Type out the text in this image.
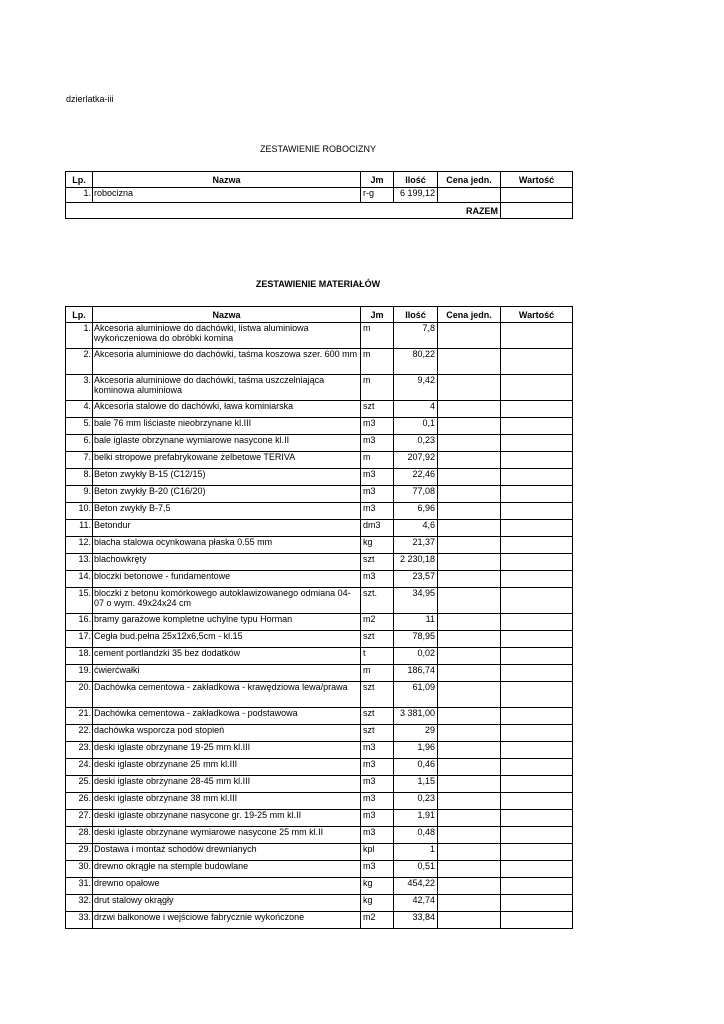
dzierlatka-iii
ZESTAWIENIE ROBOCIZNY
Lp.	Nazwa	Jm	Ilość	Cena jedn.	Wartość
1.	robocizna	r-g	6 199,12		
RAZEM					
ZESTAWIENIE MATERIAŁÓW
Lp.	Nazwa	Jm	Ilość	Cena jedn.	Wartość
1.	Akcesoria aluminiowe do dachówki, listwa aluminiowa wykończeniowa do obróbki komina	m	7,8		
2.	Akcesoria aluminiowe do dachówki, taśma koszowa szer. 600 mm	m	80,22		
3.	Akcesoria aluminiowe do dachówki, taśma uszczelniająca kominowa aluminiowa	m	9,42		
4.	Akcesoria stalowe do dachówki, ława kominiarska	szt	4		
5.	bale 76 mm liściaste nieobrzynane kl.III	m3	0,1		
6.	bale iglaste obrzynane wymiarowe nasycone kl.II	m3	0,23		
7.	belki stropowe prefabrykowane żelbetowe TERIVA	m	207,92		
8.	Beton zwykły B-15 (C12/15)	m3	22,46		
9.	Beton zwykły B-20 (C16/20)	m3	77,08		
10.	Beton zwykły B-7,5	m3	6,96		
11.	Betondur	dm3	4,6		
12.	blacha stalowa ocynkowana płaska 0.55 mm	kg	21,37		
13.	blachowkręty	szt	2 230,18		
14.	bloczki betonowe - fundamentowe	m3	23,57		
15.	bloczki z betonu komórkowego autoklawizowanego odmiana 04-07 o wym. 49x24x24 cm	szt.	34,95		
16.	bramy garażowe kompletne uchylne typu Horman	m2	11		
17.	Cegła bud.pełna 25x12x6,5cm - kl.15	szt	78,95		
18.	cement portlandzki 35 bez dodatków	t	0,02		
19.	ćwierćwałki	m	186,74		
20.	Dachówka cementowa - zakładkowa - krawędziowa lewa/prawa	szt	61,09		
21.	Dachówka cementowa - zakładkowa - podstawowa	szt	3 381,00		
22.	dachówka wsporcza pod stopień	szt	29		
23.	deski iglaste obrzynane 19-25 mm kl.III	m3	1,96		
24.	deski iglaste obrzynane 25 mm kl.III	m3	0,46		
25.	deski iglaste obrzynane 28-45 mm kl.III	m3	1,15		
26.	deski iglaste obrzynane 38 mm kl.III	m3	0,23		
27.	deski iglaste obrzynane nasycone gr. 19-25 mm kl.II	m3	1,91		
28.	deski iglaste obrzynane wymiarowe nasycone 25 mm kl.II	m3	0,48		
29.	Dostawa i montaż schodów drewnianych	kpl	1		
30.	drewno okrągłe na stemple budowlane	m3	0,51		
31.	drewno opałowe	kg	454,22		
32.	drut stalowy okrągły	kg	42,74		
33.	drzwi balkonowe i wejściowe fabrycznie wykończone	m2	33,84		
